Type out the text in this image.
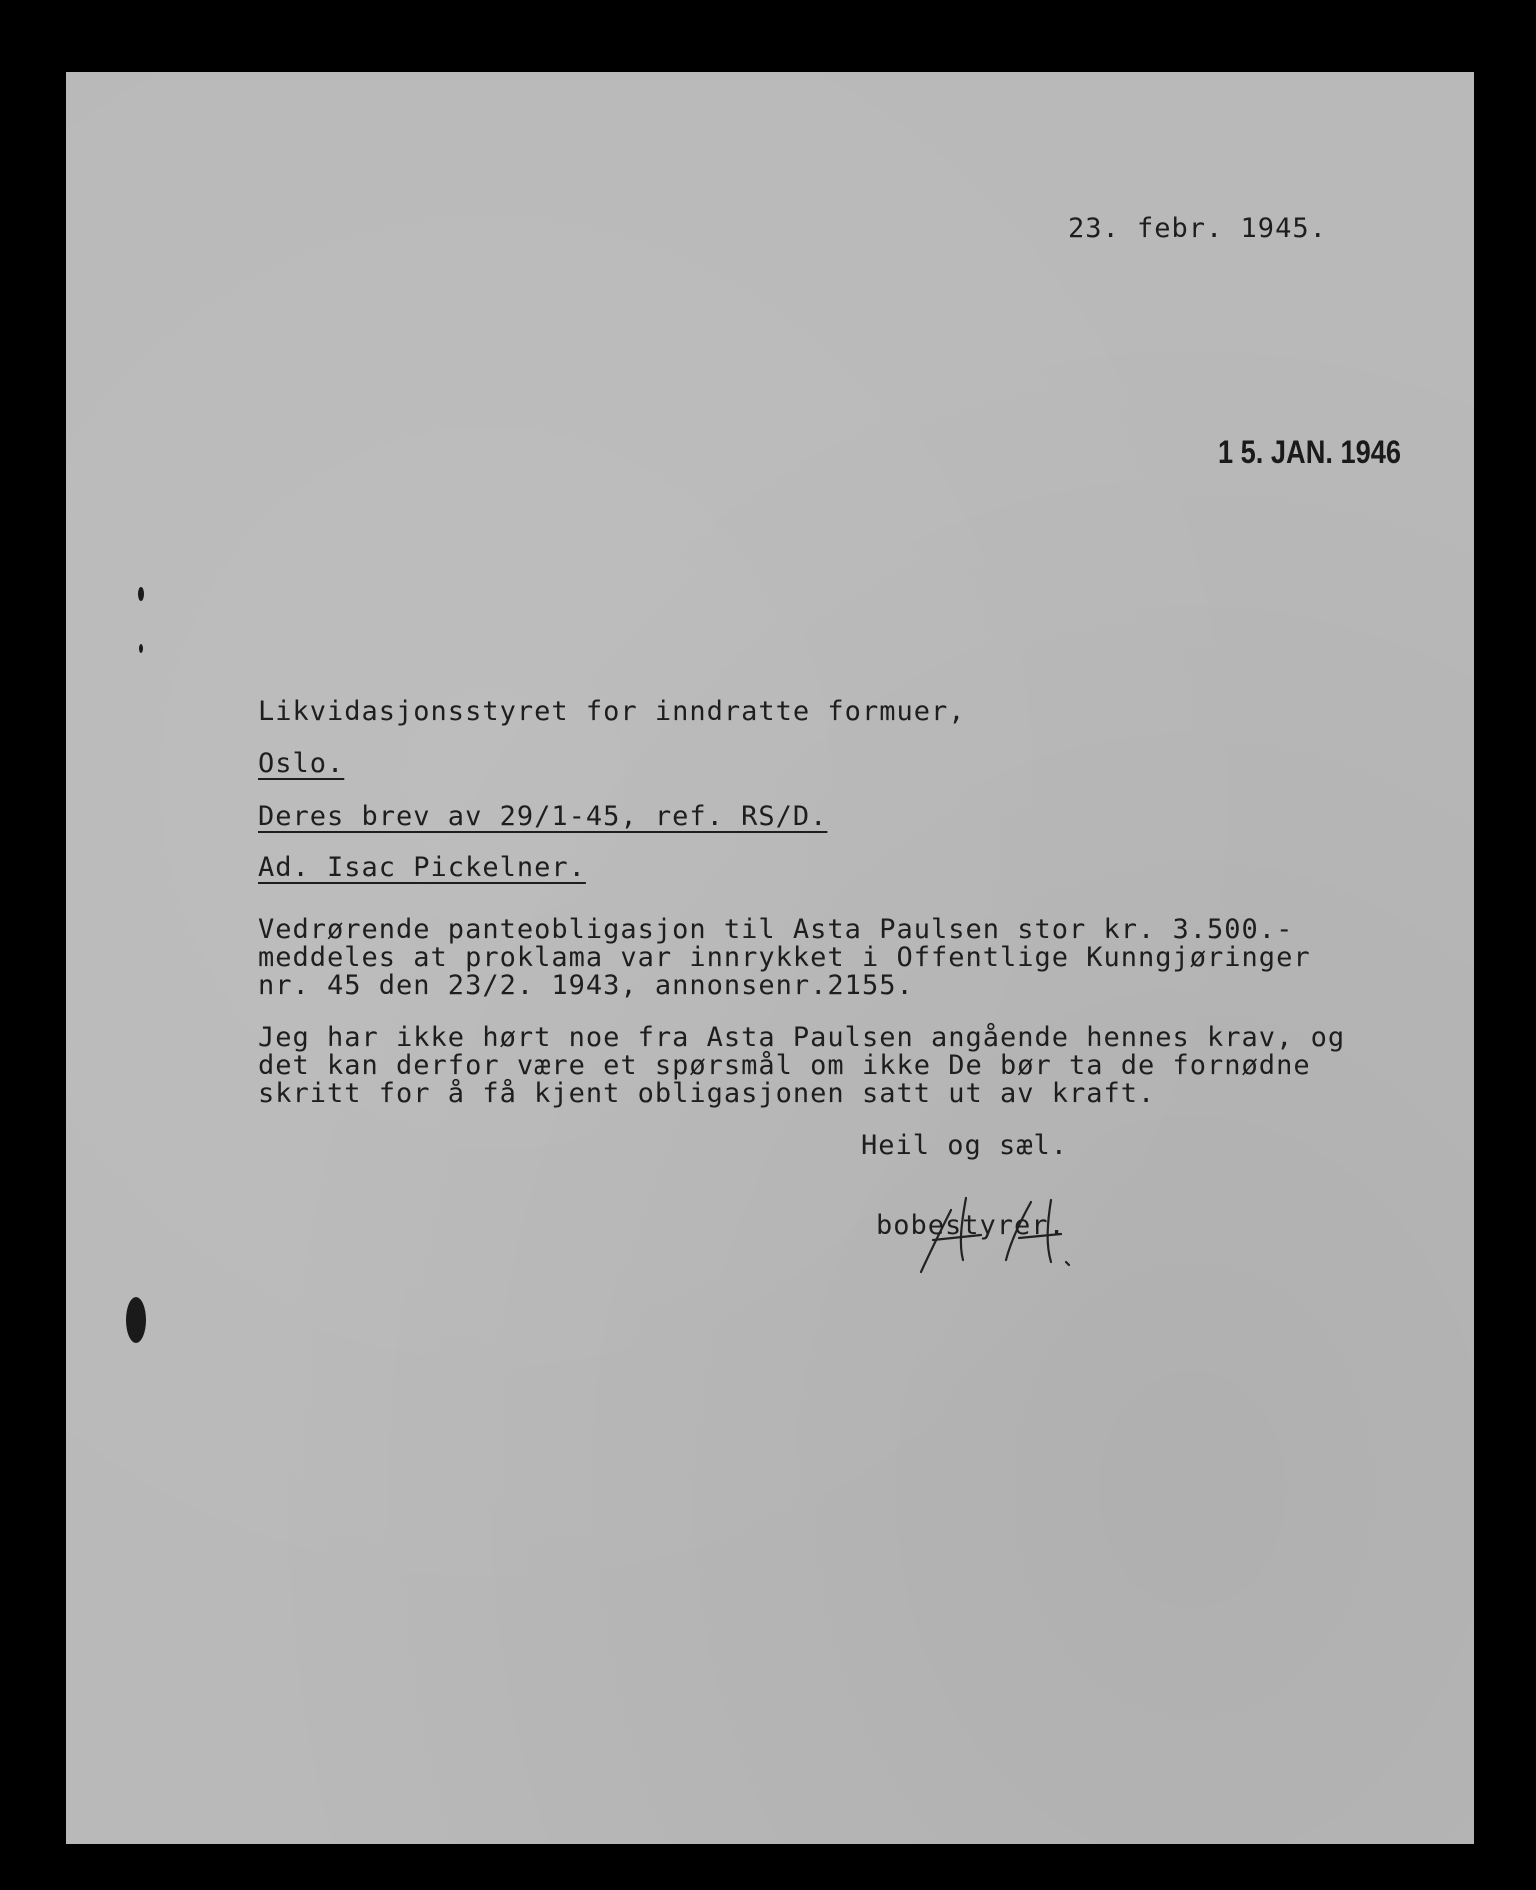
23. febr. 1945.
1 5. JAN. 1946
Likvidasjonsstyret for inndratte formuer,
Oslo.
Deres brev av 29/1-45, ref. RS/D.
Ad. Isac Pickelner.
Vedrørende panteobligasjon til Asta Paulsen stor kr. 3.500.-
meddeles at proklama var innrykket i Offentlige Kunngjøringer
nr. 45 den 23/2. 1943, annonsenr.2155.
Jeg har ikke hørt noe fra Asta Paulsen angående hennes krav, og
det kan derfor være et spørsmål om ikke De bør ta de fornødne
skritt for å få kjent obligasjonen satt ut av kraft.
Heil og sæl.
bobestyrer.
